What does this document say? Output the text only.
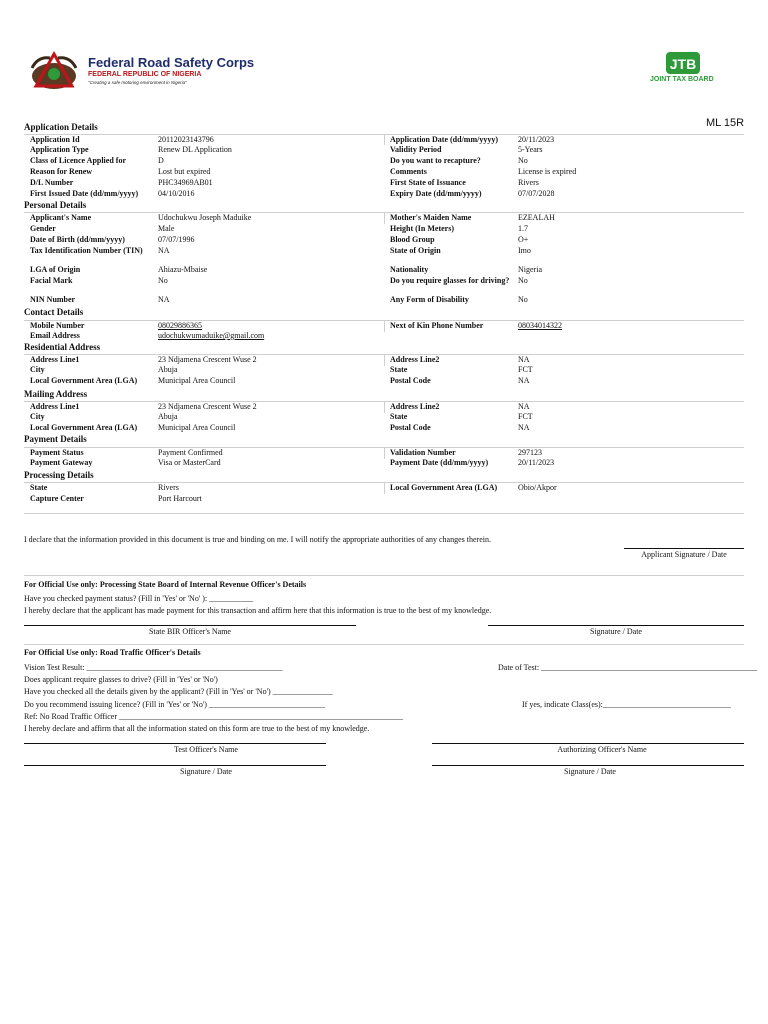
Federal Road Safety Corps
FEDERAL REPUBLIC OF NIGERIA
"Creating a safe motoring environment in Nigeria"
JTB
JOINT TAX BOARD
ML 15R
Application Details
Personal Details
Contact Details
Residential Address
Mailing Address
Payment Details
Processing Details
Application Id	20112023143796	Application Date (dd/mm/yyyy)	20/11/2023
Application Type	Renew DL Application	Validity Period	5-Years
Class of Licence Applied for	D	Do you want to recapture?	No
Reason for Renew	Lost but expired	Comments	License is expired
D/L Number	PHC34969AB01	First State of Issuance	Rivers
First Issued Date (dd/mm/yyyy)	04/10/2016	Expiry Date (dd/mm/yyyy)	07/07/2028
Applicant's Name	Udochukwu Joseph Maduike	Mother's Maiden Name	EZEALAH
Gender	Male	Height (In Meters)	1.7
Date of Birth (dd/mm/yyyy)	07/07/1996	Blood Group	O+
Tax Identification Number (TIN)	NA	State of Origin	Imo
LGA of Origin	Ahiazu-Mbaise	Nationality	Nigeria
Facial Mark	No	Do you require glasses for driving?	No
NIN Number	NA	Any Form of Disability	No
Mobile Number	08029886365	Next of Kin Phone Number	08034014322
Email Address	udochukwumaduike@gmail.com
Address Line1	23 Ndjamena Crescent Wuse 2	Address Line2	NA
City	Abuja	State	FCT
Local Government Area (LGA)	Municipal Area Council	Postal Code	NA
Address Line1	23 Ndjamena Crescent Wuse 2	Address Line2	NA
City	Abuja	State	FCT
Local Government Area (LGA)	Municipal Area Council	Postal Code	NA
Payment Status	Payment Confirmed	Validation Number	297123
Payment Gateway	Visa or MasterCard	Payment Date (dd/mm/yyyy)	20/11/2023
State	Rivers	Local Government Area (LGA)	Obio/Akpor
Capture Center	Port Harcourt
I declare that the information provided in this document is true and binding on me. I will notify the appropriate authorities of any changes therein.
Applicant Signature / Date
For Official Use only: Processing State Board of Internal Revenue Officer's Details
Have you checked payment status? (Fill in 'Yes' or 'No' ): ___________
I hereby declare that the applicant has made payment for this transaction and affirm here that this information is true to the best of my knowledge.
State BIR Officer's Name	Signature / Date
For Official Use only: Road Traffic Officer's Details
Vision Test Result: _________________________________________________	Date of Test: ______________________________________________________
Does applicant require glasses to drive? (Fill in 'Yes' or 'No')
Have you checked all the details given by the applicant? (Fill in 'Yes' or 'No') _______________
Do you recommend issuing licence? (Fill in 'Yes' or 'No') _____________________________	If yes, indicate Class(es):________________________________
Ref: No Road Traffic Officer _______________________________________________________________________
I hereby declare and affirm that all the information stated on this form are true to the best of my knowledge.
Test Officer's Name	Authorizing Officer's Name
Signature / Date	Signature / Date
